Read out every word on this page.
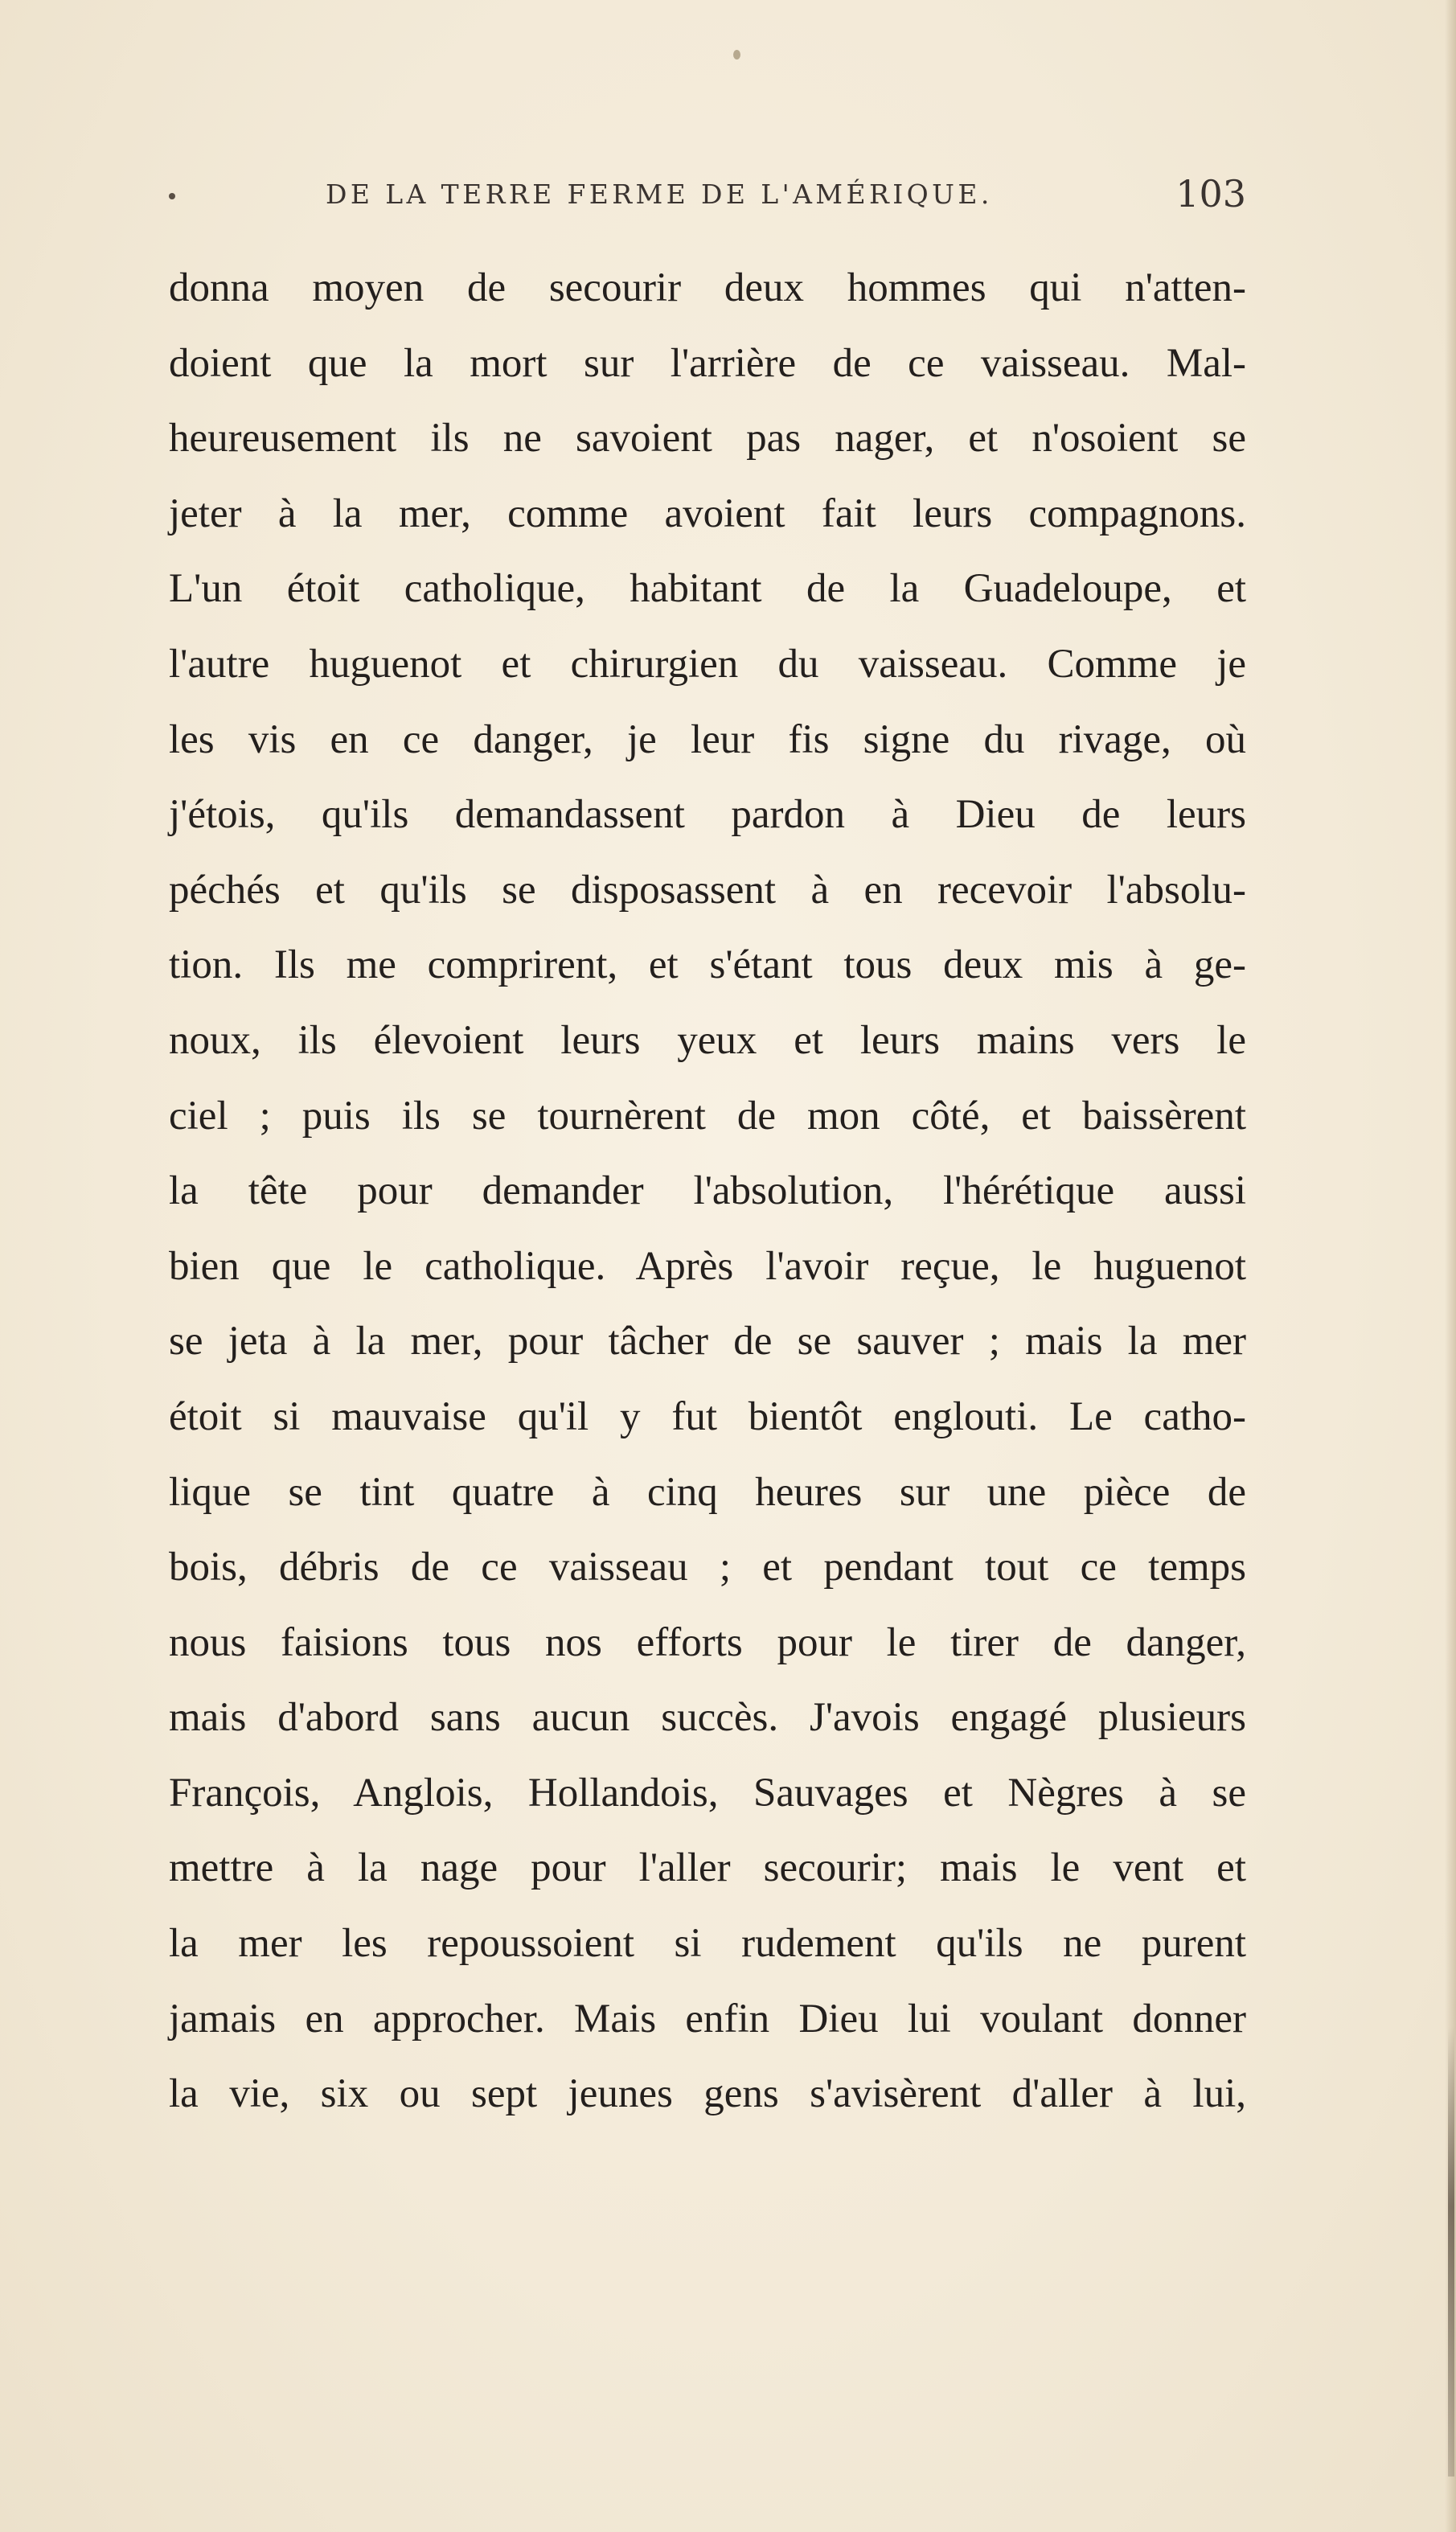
DE LA TERRE FERME DE L'AMÉRIQUE.	103
donna moyen de secourir deux hommes qui n'atten-
doient que la mort sur l'arrière de ce vaisseau. Mal-
heureusement ils ne savoient pas nager, et n'osoient se
jeter à la mer, comme avoient fait leurs compagnons.
L'un étoit catholique, habitant de la Guadeloupe, et
l'autre huguenot et chirurgien du vaisseau. Comme je
les vis en ce danger, je leur fis signe du rivage, où
j'étois, qu'ils demandassent pardon à Dieu de leurs
péchés et qu'ils se disposassent à en recevoir l'absolu-
tion. Ils me comprirent, et s'étant tous deux mis à ge-
noux, ils élevoient leurs yeux et leurs mains vers le
ciel ; puis ils se tournèrent de mon côté, et baissèrent
la tête pour demander l'absolution, l'hérétique aussi
bien que le catholique. Après l'avoir reçue, le huguenot
se jeta à la mer, pour tâcher de se sauver ; mais la mer
étoit si mauvaise qu'il y fut bientôt englouti. Le catho-
lique se tint quatre à cinq heures sur une pièce de
bois, débris de ce vaisseau ; et pendant tout ce temps
nous faisions tous nos efforts pour le tirer de danger,
mais d'abord sans aucun succès. J'avois engagé plusieurs
François, Anglois, Hollandois, Sauvages et Nègres à se
mettre à la nage pour l'aller secourir; mais le vent et
la mer les repoussoient si rudement qu'ils ne purent
jamais en approcher. Mais enfin Dieu lui voulant donner
la vie, six ou sept jeunes gens s'avisèrent d'aller à lui,
